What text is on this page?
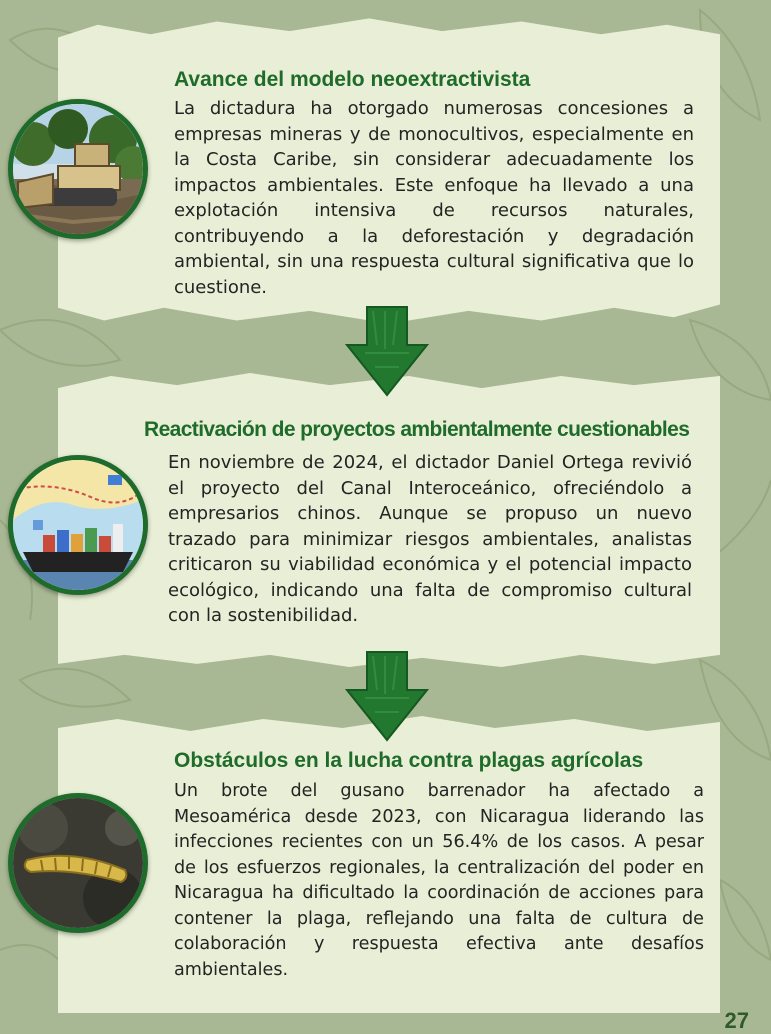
Avance del modelo neoextractivista

La dictadura ha otorgado numerosas concesiones a empresas mineras y de monocultivos, especialmente en la Costa Caribe, sin considerar adecuadamente los impactos ambientales. Este enfoque ha llevado a una explotación intensiva de recursos naturales, contribuyendo a la deforestación y degradación ambiental, sin una respuesta cultural significativa que lo cuestione.

Reactivación de proyectos ambientalmente cuestionables

En noviembre de 2024, el dictador Daniel Ortega revivió el proyecto del Canal Interoceánico, ofreciéndolo a empresarios chinos. Aunque se propuso un nuevo trazado para minimizar riesgos ambientales, analistas criticaron su viabilidad económica y el potencial impacto ecológico, indicando una falta de compromiso cultural con la sostenibilidad.

Obstáculos en la lucha contra plagas agrícolas

Un brote del gusano barrenador ha afectado a Mesoamérica desde 2023, con Nicaragua liderando las infecciones recientes con un 56.4% de los casos. A pesar de los esfuerzos regionales, la centralización del poder en Nicaragua ha dificultado la coordinación de acciones para contener la plaga, reflejando una falta de cultura de colaboración y respuesta efectiva ante desafíos ambientales.

27
